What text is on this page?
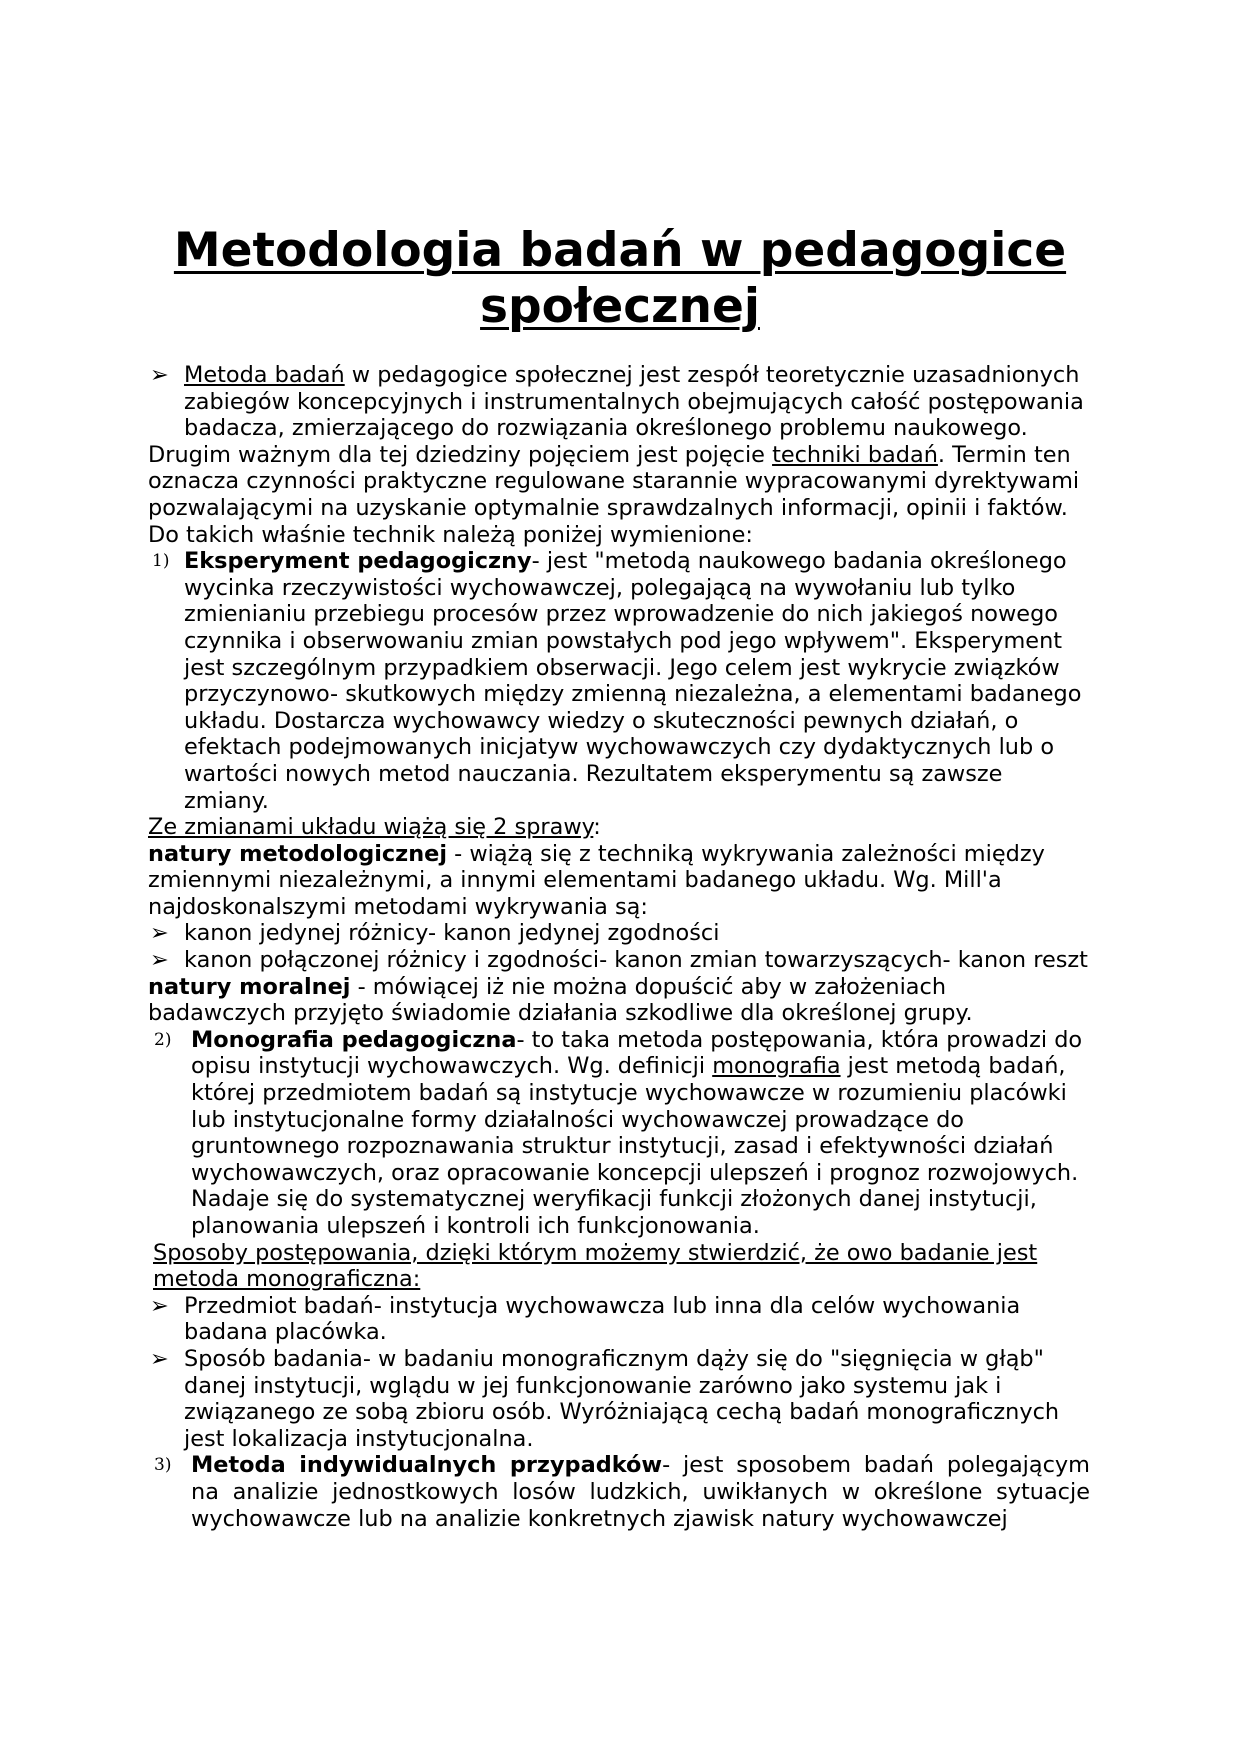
Metodologia badań w pedagogice społecznej

➢ Metoda badań w pedagogice społecznej jest zespół teoretycznie uzasadnionych zabiegów koncepcyjnych i instrumentalnych obejmujących całość postępowania badacza, zmierzającego do rozwiązania określonego problemu naukowego.

Drugim ważnym dla tej dziedziny pojęciem jest pojęcie techniki badań. Termin ten oznacza czynności praktyczne regulowane starannie wypracowanymi dyrektywami pozwalającymi na uzyskanie optymalnie sprawdzalnych informacji, opinii i faktów. Do takich właśnie technik należą poniżej wymienione:

1) Eksperyment pedagogiczny- jest "metodą naukowego badania określonego wycinka rzeczywistości wychowawczej, polegającą na wywołaniu lub tylko zmienianiu przebiegu procesów przez wprowadzenie do nich jakiegoś nowego czynnika i obserwowaniu zmian powstałych pod jego wpływem". Eksperyment jest szczególnym przypadkiem obserwacji. Jego celem jest wykrycie związków przyczynowo- skutkowych między zmienną niezależna, a elementami badanego układu. Dostarcza wychowawcy wiedzy o skuteczności pewnych działań, o efektach podejmowanych inicjatyw wychowawczych czy dydaktycznych lub o wartości nowych metod nauczania. Rezultatem eksperymentu są zawsze zmiany.

Ze zmianami układu wiążą się 2 sprawy:

natury metodologicznej - wiążą się z techniką wykrywania zależności między zmiennymi niezależnymi, a innymi elementami badanego układu. Wg. Mill'a najdoskonalszymi metodami wykrywania są:

➢ kanon jedynej różnicy- kanon jedynej zgodności

➢ kanon połączonej różnicy i zgodności- kanon zmian towarzyszących- kanon reszt

natury moralnej - mówiącej iż nie można dopuścić aby w założeniach badawczych przyjęto świadomie działania szkodliwe dla określonej grupy.

2) Monografia pedagogiczna- to taka metoda postępowania, która prowadzi do opisu instytucji wychowawczych. Wg. definicji monografia jest metodą badań, której przedmiotem badań są instytucje wychowawcze w rozumieniu placówki lub instytucjonalne formy działalności wychowawczej prowadzące do gruntownego rozpoznawania struktur instytucji, zasad i efektywności działań wychowawczych, oraz opracowanie koncepcji ulepszeń i prognoz rozwojowych. Nadaje się do systematycznej weryfikacji funkcji złożonych danej instytucji, planowania ulepszeń i kontroli ich funkcjonowania.

Sposoby postępowania, dzięki którym możemy stwierdzić, że owo badanie jest metoda monograficzna:

➢ Przedmiot badań- instytucja wychowawcza lub inna dla celów wychowania badana placówka.

➢ Sposób badania- w badaniu monograficznym dąży się do "sięgnięcia w głąb" danej instytucji, wglądu w jej funkcjonowanie zarówno jako systemu jak i związanego ze sobą zbioru osób. Wyróżniającą cechą badań monograficznych jest lokalizacja instytucjonalna.

3) Metoda indywidualnych przypadków- jest sposobem badań polegającym na analizie jednostkowych losów ludzkich, uwikłanych w określone sytuacje wychowawcze lub na analizie konkretnych zjawisk natury wychowawczej
